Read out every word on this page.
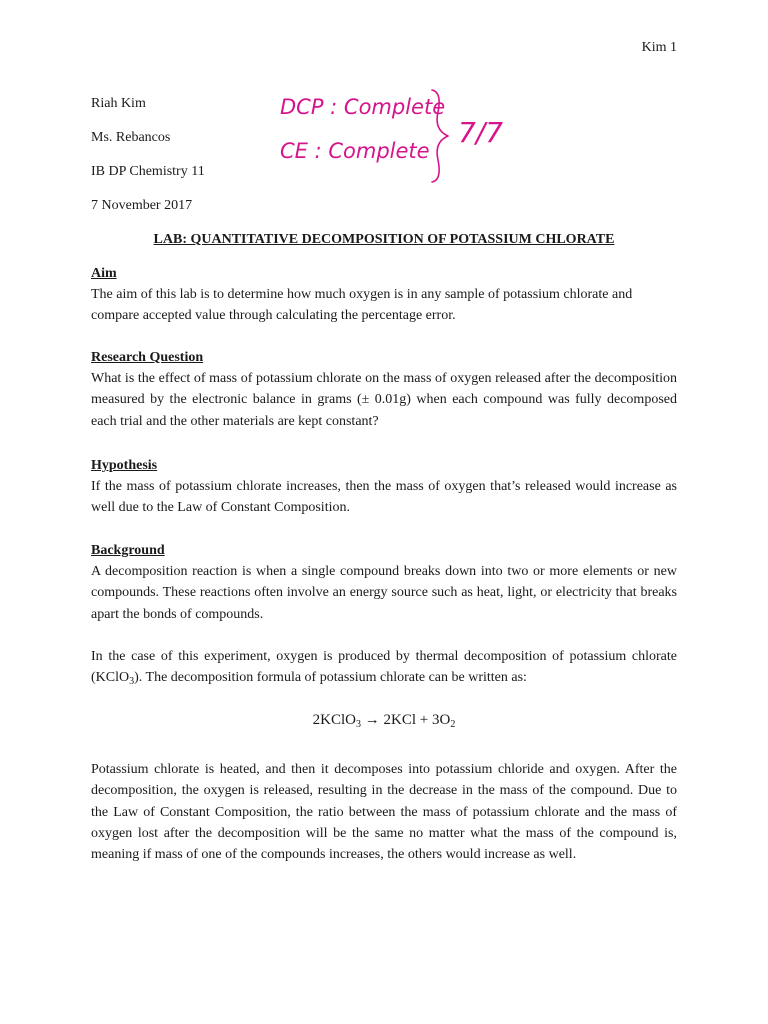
Kim 1
Riah Kim
Ms. Rebancos
IB DP Chemistry 11
7 November 2017
DCP : Complete
CE : Complete
7/7
LAB: QUANTITATIVE DECOMPOSITION OF POTASSIUM CHLORATE
Aim

The aim of this lab is to determine how much oxygen is in any sample of potassium chlorate and compare accepted value through calculating the percentage error.

Research Question

What is the effect of mass of potassium chlorate on the mass of oxygen released after the decomposition measured by the electronic balance in grams (± 0.01g) when each compound was fully decomposed each trial and the other materials are kept constant?

Hypothesis

If the mass of potassium chlorate increases, then the mass of oxygen that’s released would increase as well due to the Law of Constant Composition.

Background

A decomposition reaction is when a single compound breaks down into two or more elements or new compounds. These reactions often involve an energy source such as heat, light, or electricity that breaks apart the bonds of compounds.

In the case of this experiment, oxygen is produced by thermal decomposition of potassium chlorate (KClO$_3$). The decomposition formula of potassium chlorate can be written as:

2KClO$_3$ → $2KCl + 3O_2$

Potassium chlorate is heated, and then it decomposes into potassium chloride and oxygen. After the decomposition, the oxygen is released, resulting in the decrease in the mass of the compound. Due to the Law of Constant Composition, the ratio between the mass of potassium chlorate and the mass of oxygen lost after the decomposition will be the same no matter what the mass of the compound is, meaning if mass of one of the compounds increases, the others would increase as well.
